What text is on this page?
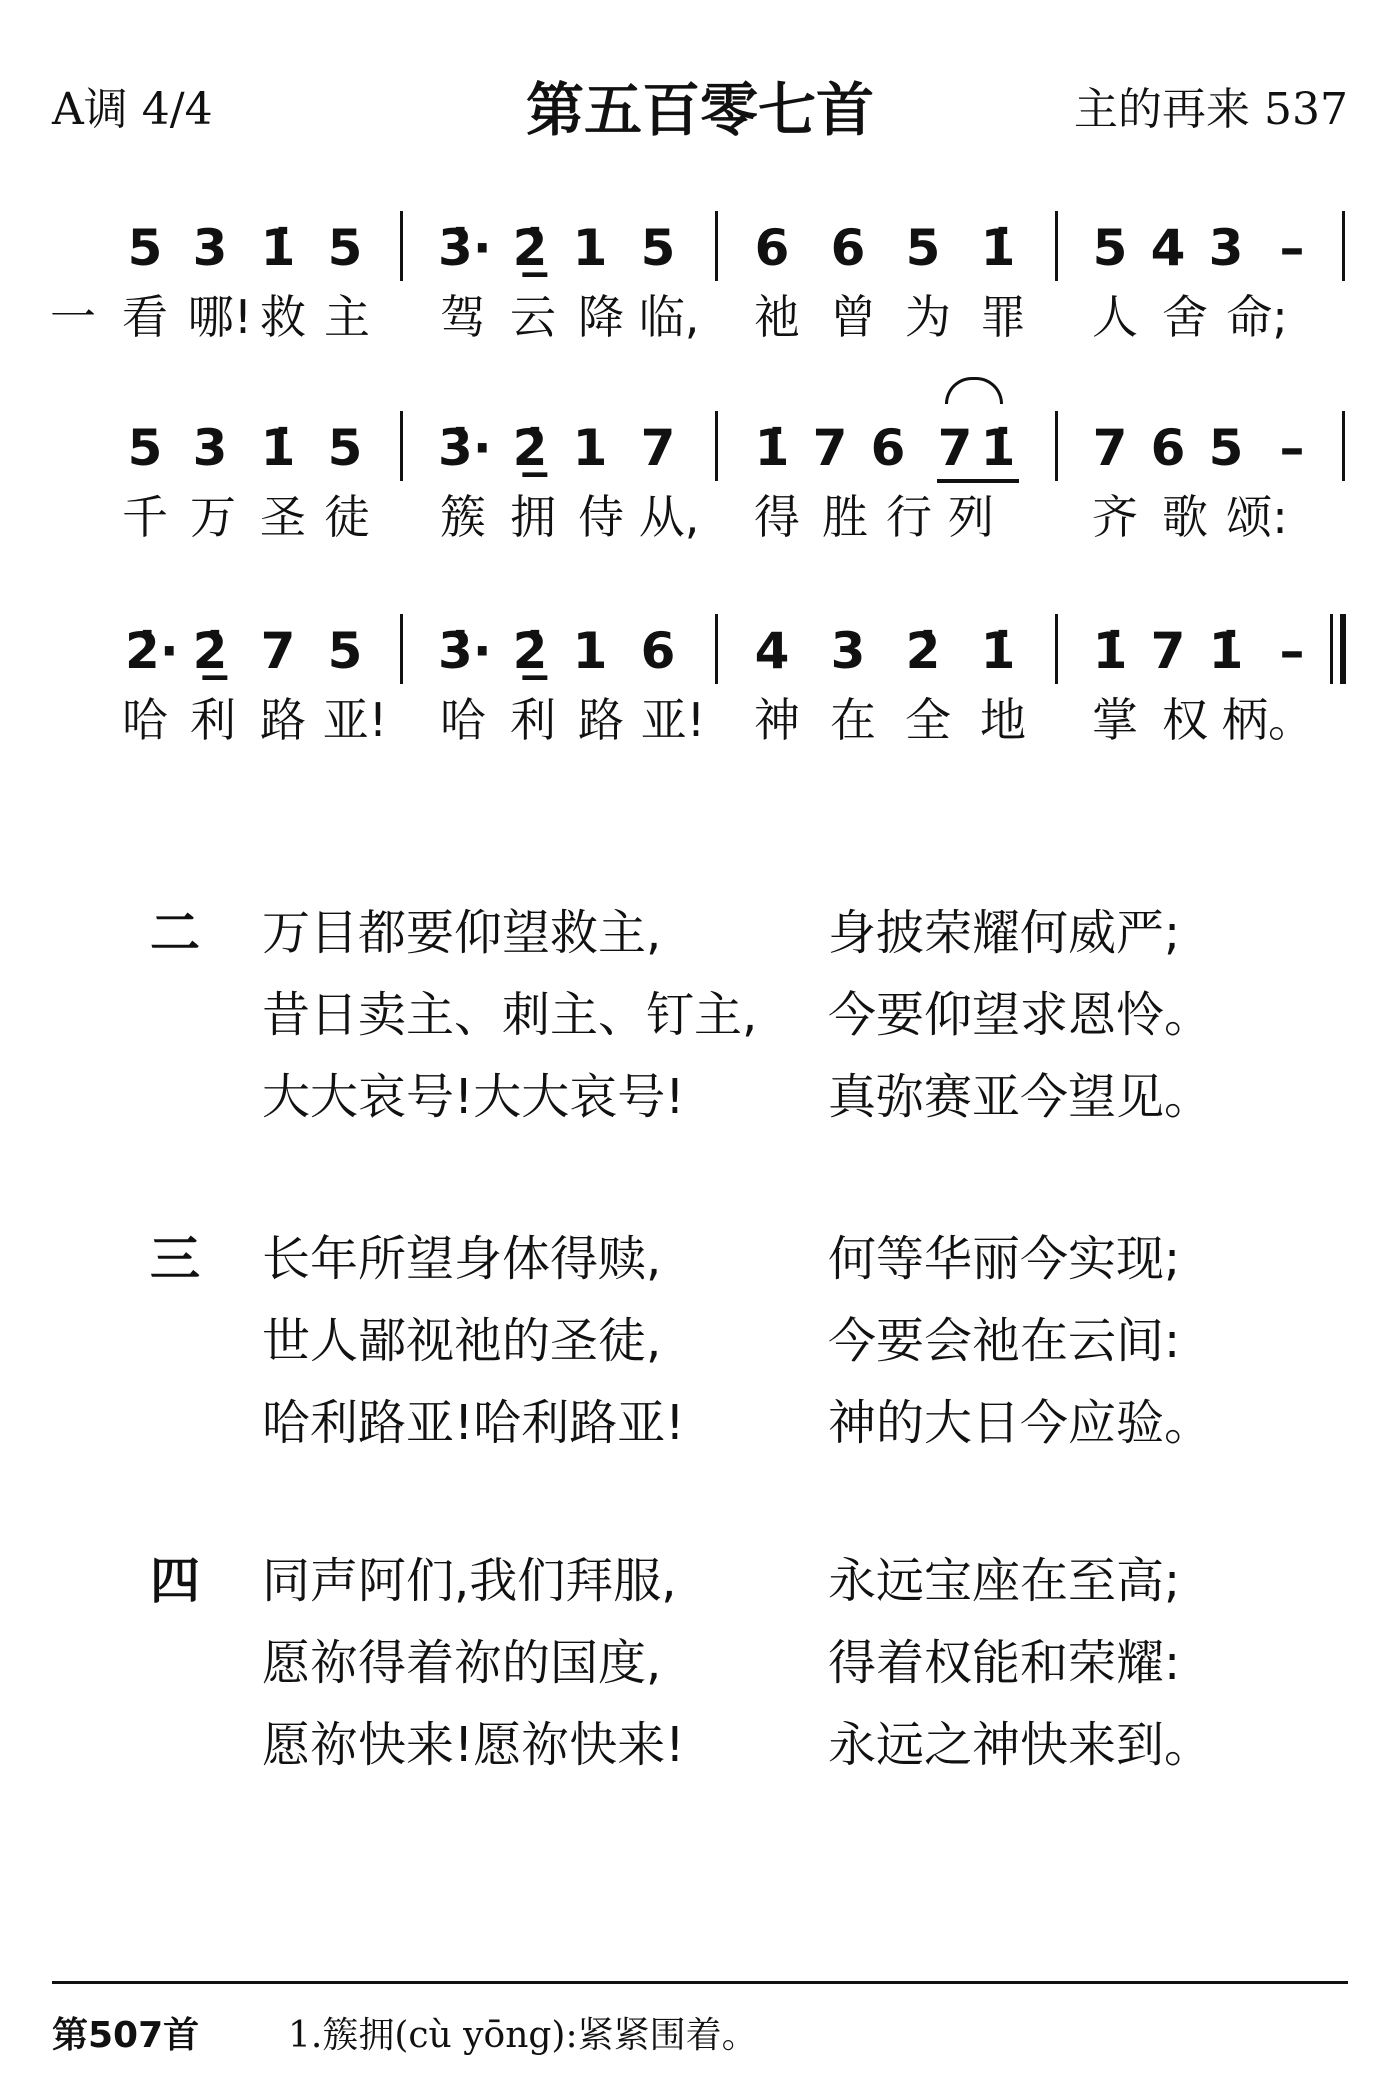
A调 4/4	第五百零七首	主的再来 537
5 3 1̇ 5 3̇· 2̲̇ 1 5 6 6 5 1̇ 5 4 3 –
一 看 哪! 救 主 驾 云 降 临, 祂 曾 为 罪 人 舍 命;
5 3 1̇ 5 3̇· 2̲̇ 1 7 1̇ 7 6 7 1̇ 7 6 5 –
千 万 圣 徒 簇 拥 侍 从, 得 胜 行 列 齐 歌 颂:
2̇· 2̲̇ 7 5 3̇· 2̲̇ 1 6 4 3 2̇ 1̇ 1̇ 7 1̇ –
哈 利 路 亚! 哈 利 路 亚! 神 在 全 地 掌 权 柄。
二 万目都要仰望救主,	身披荣耀何威严;
昔日卖主、刺主、钉主, 今要仰望求恩怜。
大大哀号!大大哀号!	真弥赛亚今望见。
三 长年所望身体得赎,	何等华丽今实现;
世人鄙视祂的圣徒,	今要会祂在云间:
哈利路亚!哈利路亚!	神的大日今应验。
四 同声阿们,我们拜服,	永远宝座在至高;
愿祢得着祢的国度,	得着权能和荣耀:
愿祢快来!愿祢快来!	永远之神快来到。
第507首 1.簇拥(cù yōng):紧紧围着。
